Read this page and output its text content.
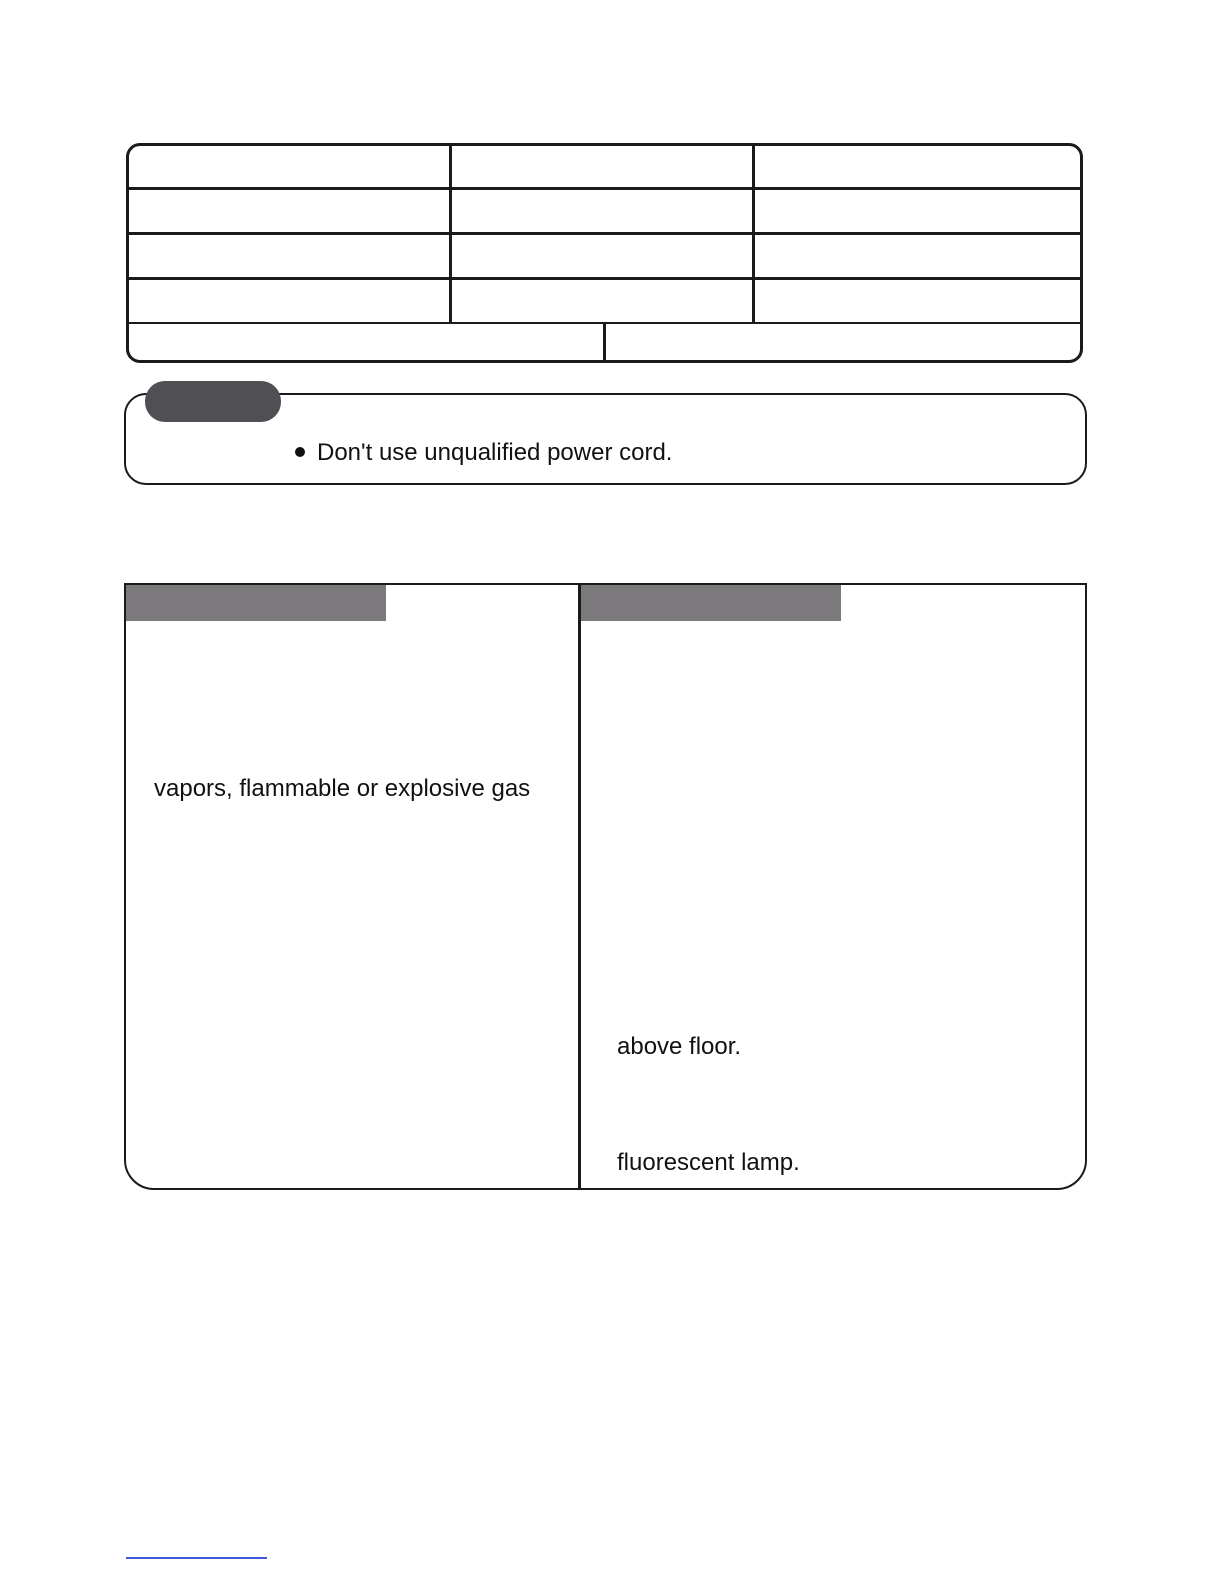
Don't use unqualified power cord.
vapors, flammable or explosive gas
above floor.
fluorescent lamp.
